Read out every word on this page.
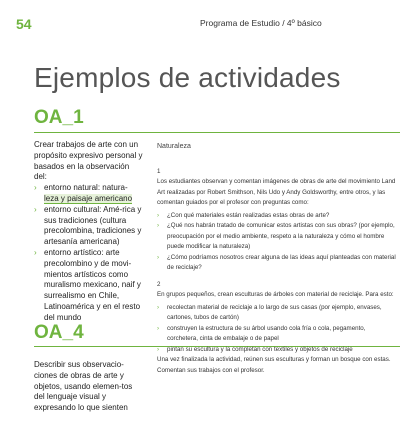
54	Programa de Estudio / 4º básico
Ejemplos de actividades
OA_1

Crear trabajos de arte con un propósito expresivo personal y basados en la observación del:

› entorno natural: natura-
leza y paisaje americano
› entorno cultural: Amé-rica y sus tradiciones (cultura precolombina, tradiciones y artesanía americana)
› entorno artístico: arte precolombino y de movi-mientos artísticos como muralismo mexicano, naif y surrealismo en Chile, Latinoamérica y en el resto del mundo
OA_4

Describir sus observacio-ciones de obras de arte y objetos, usando elemen-tos del lenguaje visual y expresando lo que sienten

Naturaleza

1

Los estudiantes observan y comentan imágenes de obras de arte del movimiento Land Art realizadas por Robert Smithson, Nils Udo y Andy Goldsworthy, entre otros, y las comentan guiados por el profesor con preguntas como:

› ¿Con qué materiales están realizadas estas obras de arte?
› ¿Qué nos habrán tratado de comunicar estos artistas con sus obras? (por ejemplo, preocupación por el medio ambiente, respeto a la naturaleza y cómo el hombre puede modificar la naturaleza)
› ¿Cómo podríamos nosotros crear alguna de las ideas aquí planteadas con material de reciclaje?

2

En grupos pequeños, crean esculturas de árboles con material de reciclaje. Para esto:

› recolectan material de reciclaje a lo largo de sus casas (por ejemplo, envases, cartones, tubos de cartón)
› construyen la estructura de su árbol usando cola fría o cola, pegamento, corchetera, cinta de embalaje o de papel
› pintan su escultura y la completan con textiles y objetos de reciclaje

Una vez finalizada la actividad, reúnen sus esculturas y forman un bosque con estas. Comentan sus trabajos con el profesor.
